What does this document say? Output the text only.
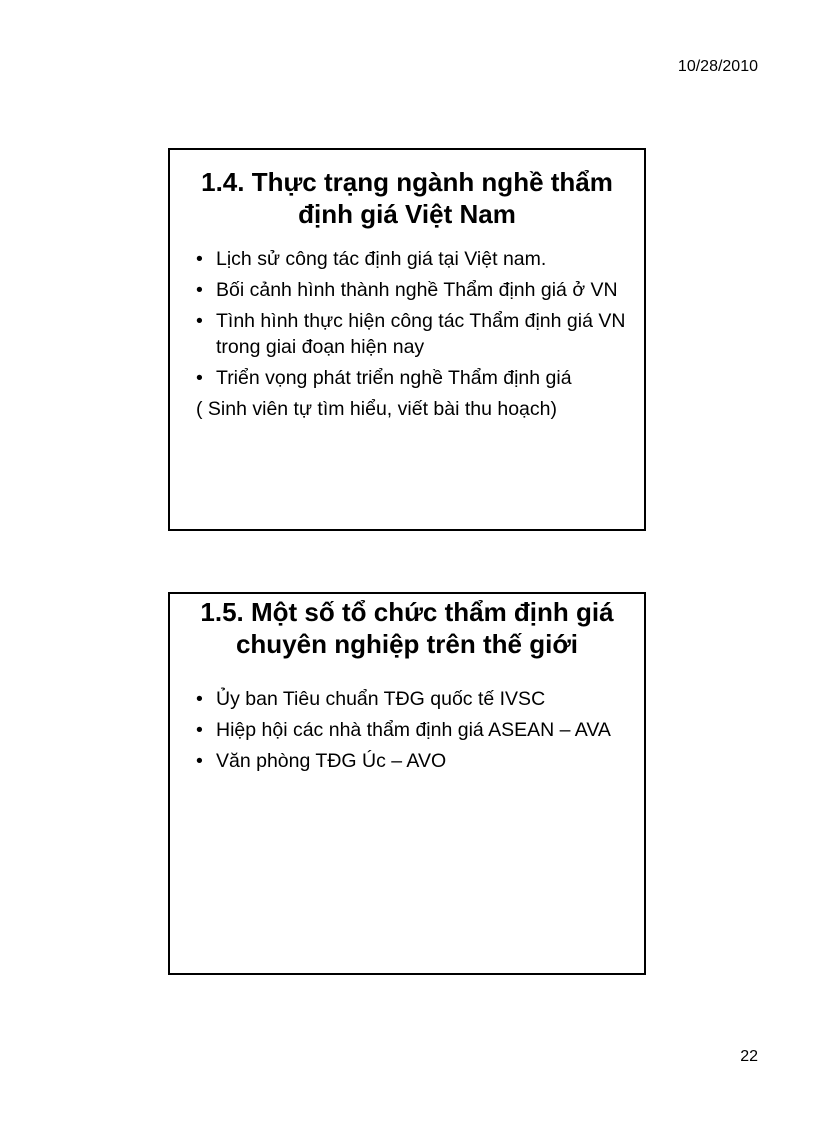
10/28/2010
1.4. Thực trạng ngành nghề thẩm
định giá Việt Nam
• Lịch sử công tác định giá tại Việt nam.
• Bối cảnh hình thành nghề Thẩm định giá ở VN
• Tình hình thực hiện công tác Thẩm định giá VN trong giai đoạn hiện nay
• Triển vọng phát triển nghề Thẩm định giá
( Sinh viên tự tìm hiểu, viết bài thu hoạch)
1.5. Một số tổ chức thẩm định giá
chuyên nghiệp trên thế giới
• Ủy ban Tiêu chuẩn TĐG quốc tế IVSC
• Hiệp hội các nhà thẩm định giá ASEAN – AVA
• Văn phòng TĐG Úc – AVO
22
